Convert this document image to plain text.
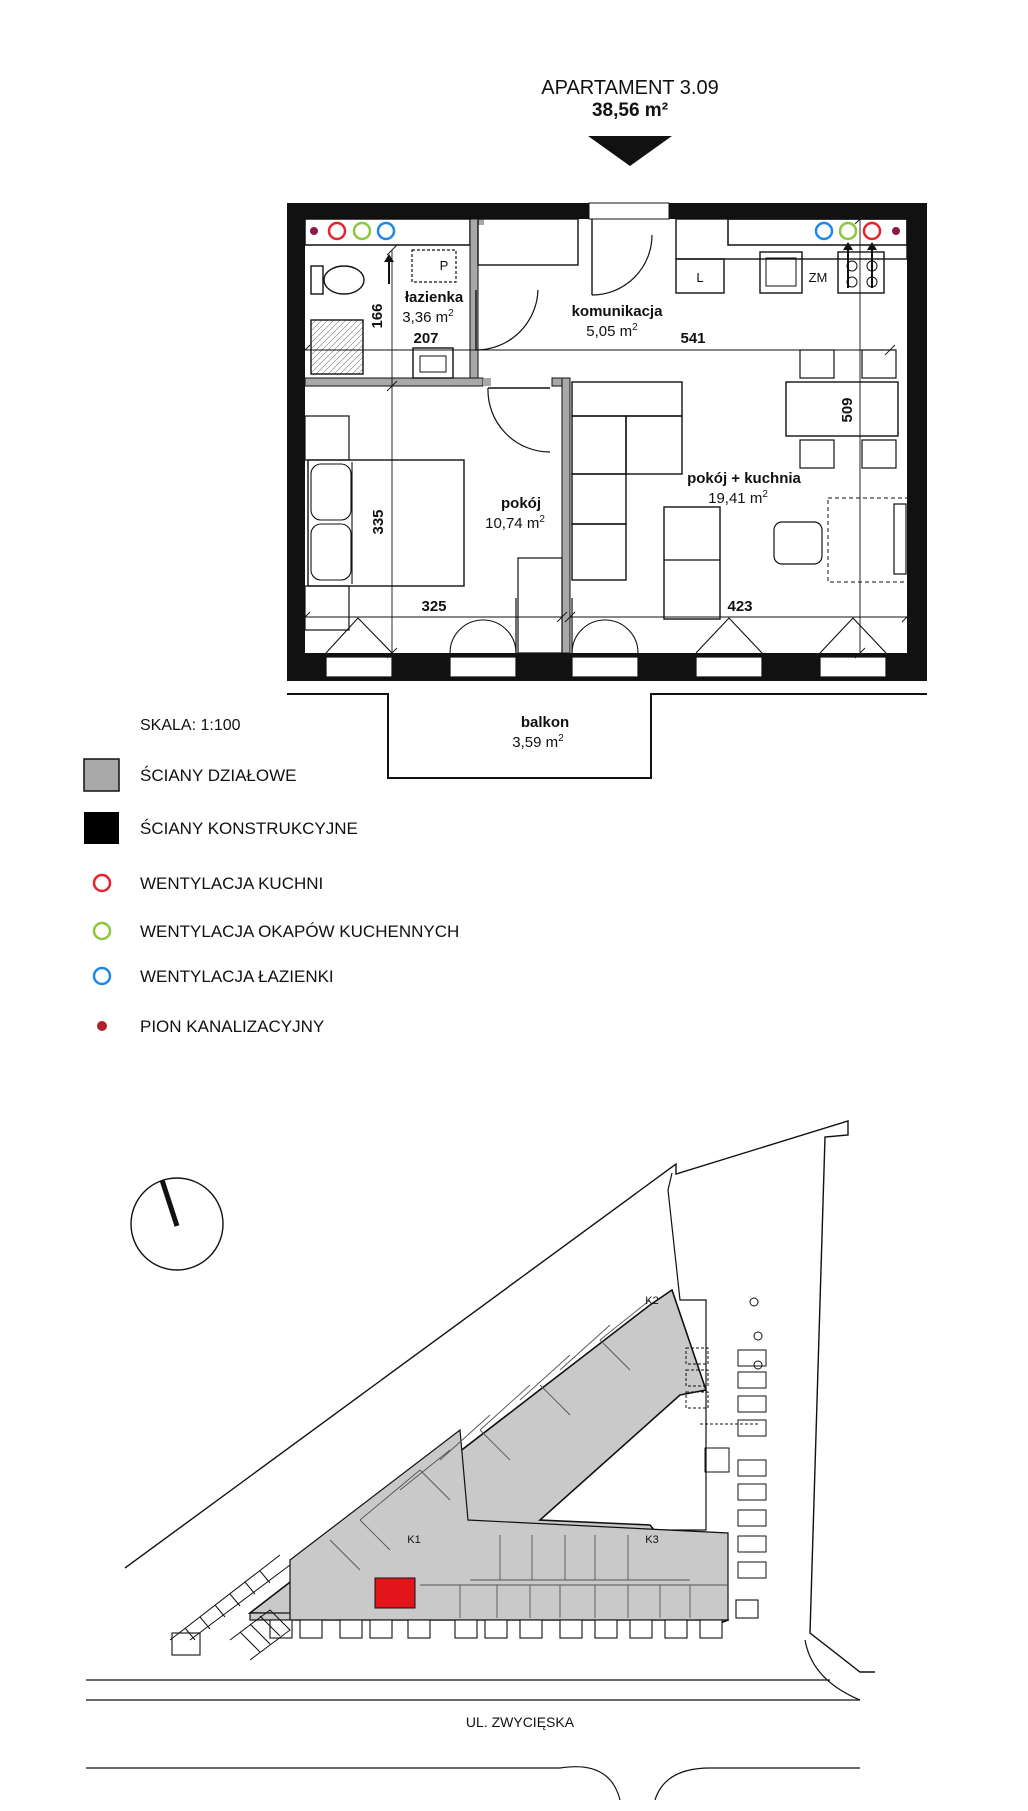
APARTAMENT 3.09
38,56 m²
P
L	ZM
166
207	541
509
335
325	423
łazienka
3,36 $m^2$	komunikacja
5,05 $m^2$
pokój
10,74 $m^2$
pokój + kuchnia
19,41 $m^2$
balkon
3,59 $m^2$
SKALA: 1:100
ŚCIANY DZIAŁOWE
ŚCIANY KONSTRUKCYJNE
WENTYLACJA KUCHNI
WENTYLACJA OKAPÓW KUCHENNYCH
WENTYLACJA ŁAZIENKI
PION KANALIZACYJNY
K1
K2
K3
UL. ZWYCIĘSKA
